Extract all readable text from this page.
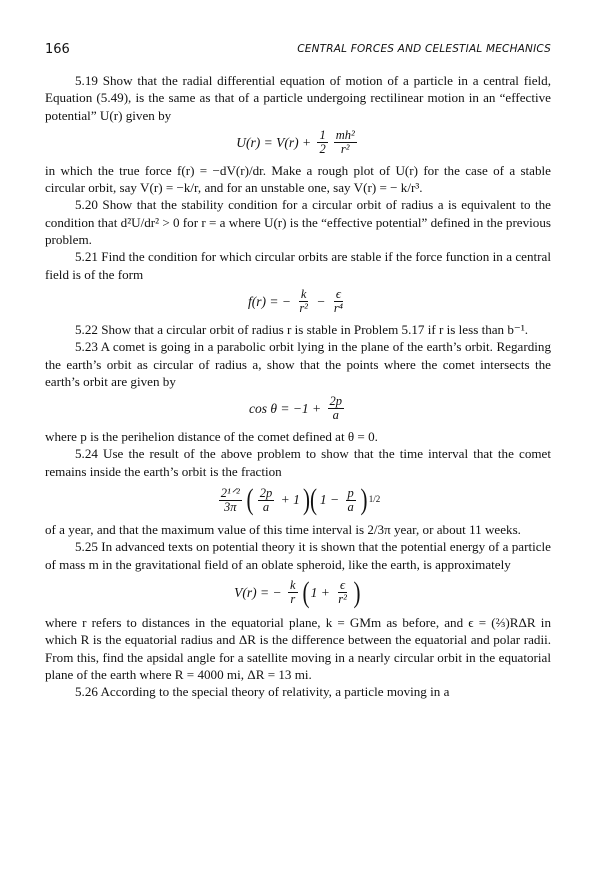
166	CENTRAL FORCES AND CELESTIAL MECHANICS

5.19 Show that the radial differential equation of motion of a particle in a central field, Equation (5.49), is the same as that of a particle undergoing rectilinear motion in an “effective potential” U(r) given by

$U(r) = V(r) + \frac{1}{2} \frac{\text{mh²}}{\text{r²}}$

in which the true force f(r) = −dV(r)/dr. Make a rough plot of U(r) for the case of a stable circular orbit, say V(r) = −k/r, and for an unstable one, say V(r) = − k/r³.

5.20 Show that the stability condition for a circular orbit of radius a is equivalent to the condition that d²U/dr² > 0 for r = a where U(r) is the “effective potential” defined in the previous problem.

5.21 Find the condition for which circular orbits are stable if the force function in a central field is of the form

f(r) = − $\frac{k}{\text{r²}} - \frac{\epsilon}{\text{r⁴}}$

5.22 Show that a circular orbit of radius r is stable in Problem 5.17 if r is less than b⁻¹.

5.23 A comet is going in a parabolic orbit lying in the plane of the earth’s orbit. Regarding the earth’s orbit as circular of radius a, show that the points where the comet intersects the earth’s orbit are given by

$\cos \theta = -1 + \frac{2p}{a}$

where p is the perihelion distance of the comet defined at θ = 0.

5.24 Use the result of the above problem to show that the time interval that the comet remains inside the earth’s orbit is the fraction

$\frac{\text{2¹ᐟ²}}{3\pi}$ ( $\frac{2p}{a} + 1$ )( $1 - \frac{p}{a}$ ) 1/2

of a year, and that the maximum value of this time interval is 2/3π year, or about 11 weeks.

5.25 In advanced texts on potential theory it is shown that the potential energy of a particle of mass m in the gravitational field of an oblate spheroid, like the earth, is approximately

V(r) = − $\frac{k}{r}$ ( $1 + \frac{\epsilon}{\text{r²}}$ )

where r refers to distances in the equatorial plane, k = GMm as before, and ϵ = (⅔)RΔR in which R is the equatorial radius and ΔR is the difference between the equatorial and polar radii. From this, find the apsidal angle for a satellite moving in a nearly circular orbit in the equatorial plane of the earth where R = 4000 mi, ΔR = 13 mi.

5.26 According to the special theory of relativity, a particle moving in a
